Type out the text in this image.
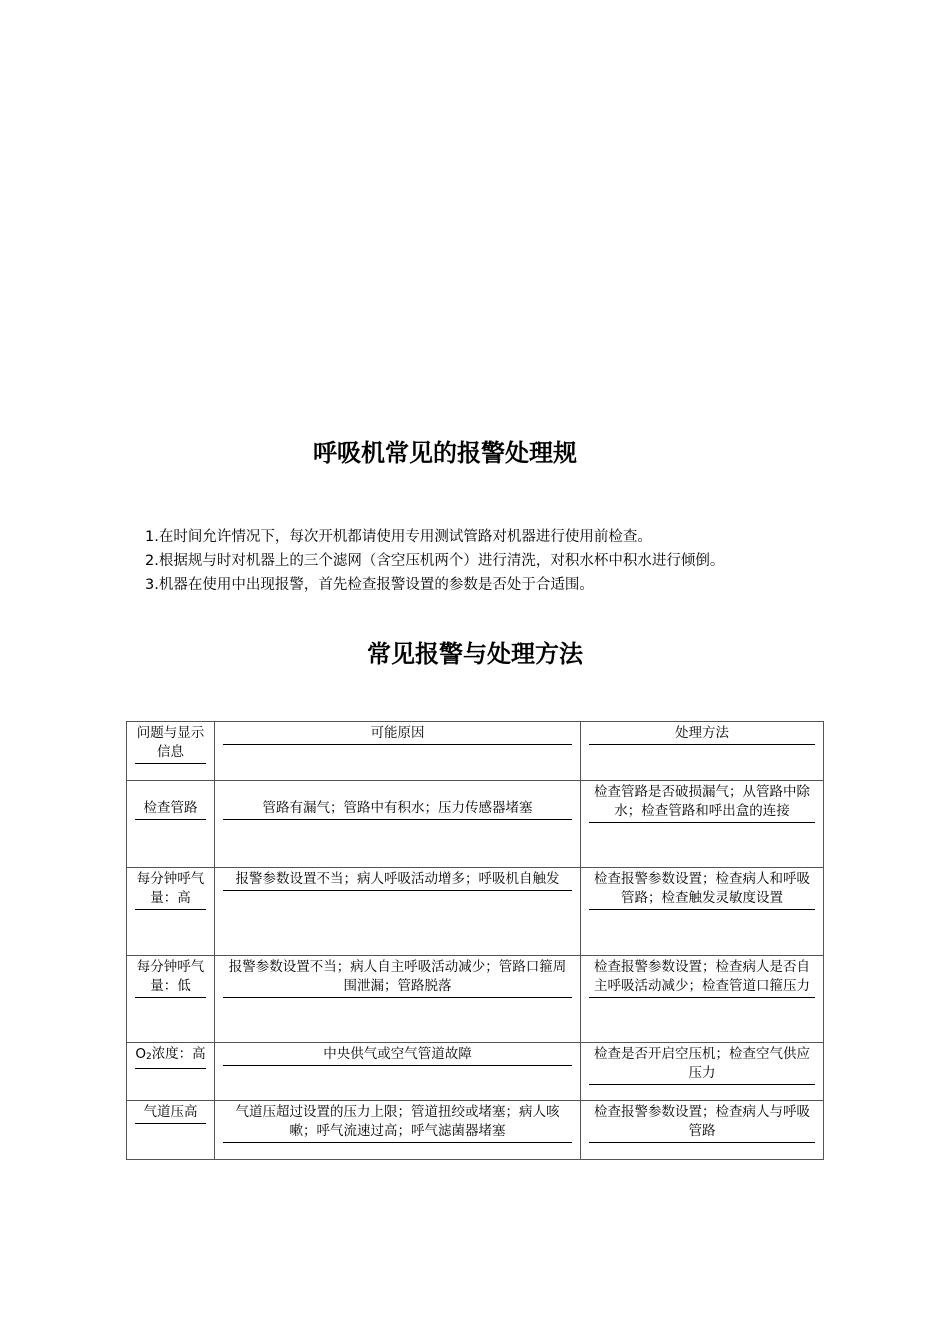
呼吸机常见的报警处理规
1.在时间允许情况下，每次开机都请使用专用测试管路对机器进行使用前检查。
2.根据规与时对机器上的三个滤网（含空压机两个）进行清洗，对积水杯中积水进行倾倒。
3.机器在使用中出现报警，首先检查报警设置的参数是否处于合适围。
常见报警与处理方法
问题与显示信息	可能原因	处理方法

检查管路	管路有漏气；管路中有积水；压力传感器堵塞	检查管路是否破损漏气；从管路中除水；检查管路和呼出盒的连接

每分钟呼气量：高	报警参数设置不当；病人呼吸活动增多；呼吸机自触发	检查报警参数设置；检查病人和呼吸管路；检查触发灵敏度设置

每分钟呼气量：低	报警参数设置不当；病人自主呼吸活动减少；管路口箍周围泄漏；管路脱落	检查报警参数设置；检查病人是否自主呼吸活动减少；检查管道口箍压力

$O_2$浓度：高	中央供气或空气管道故障	检查是否开启空压机；检查空气供应压力

气道压高	气道压超过设置的压力上限；管道扭绞或堵塞；病人咳嗽；呼气流速过高；呼气滤菌器堵塞	检查报警参数设置；检查病人与呼吸管路
